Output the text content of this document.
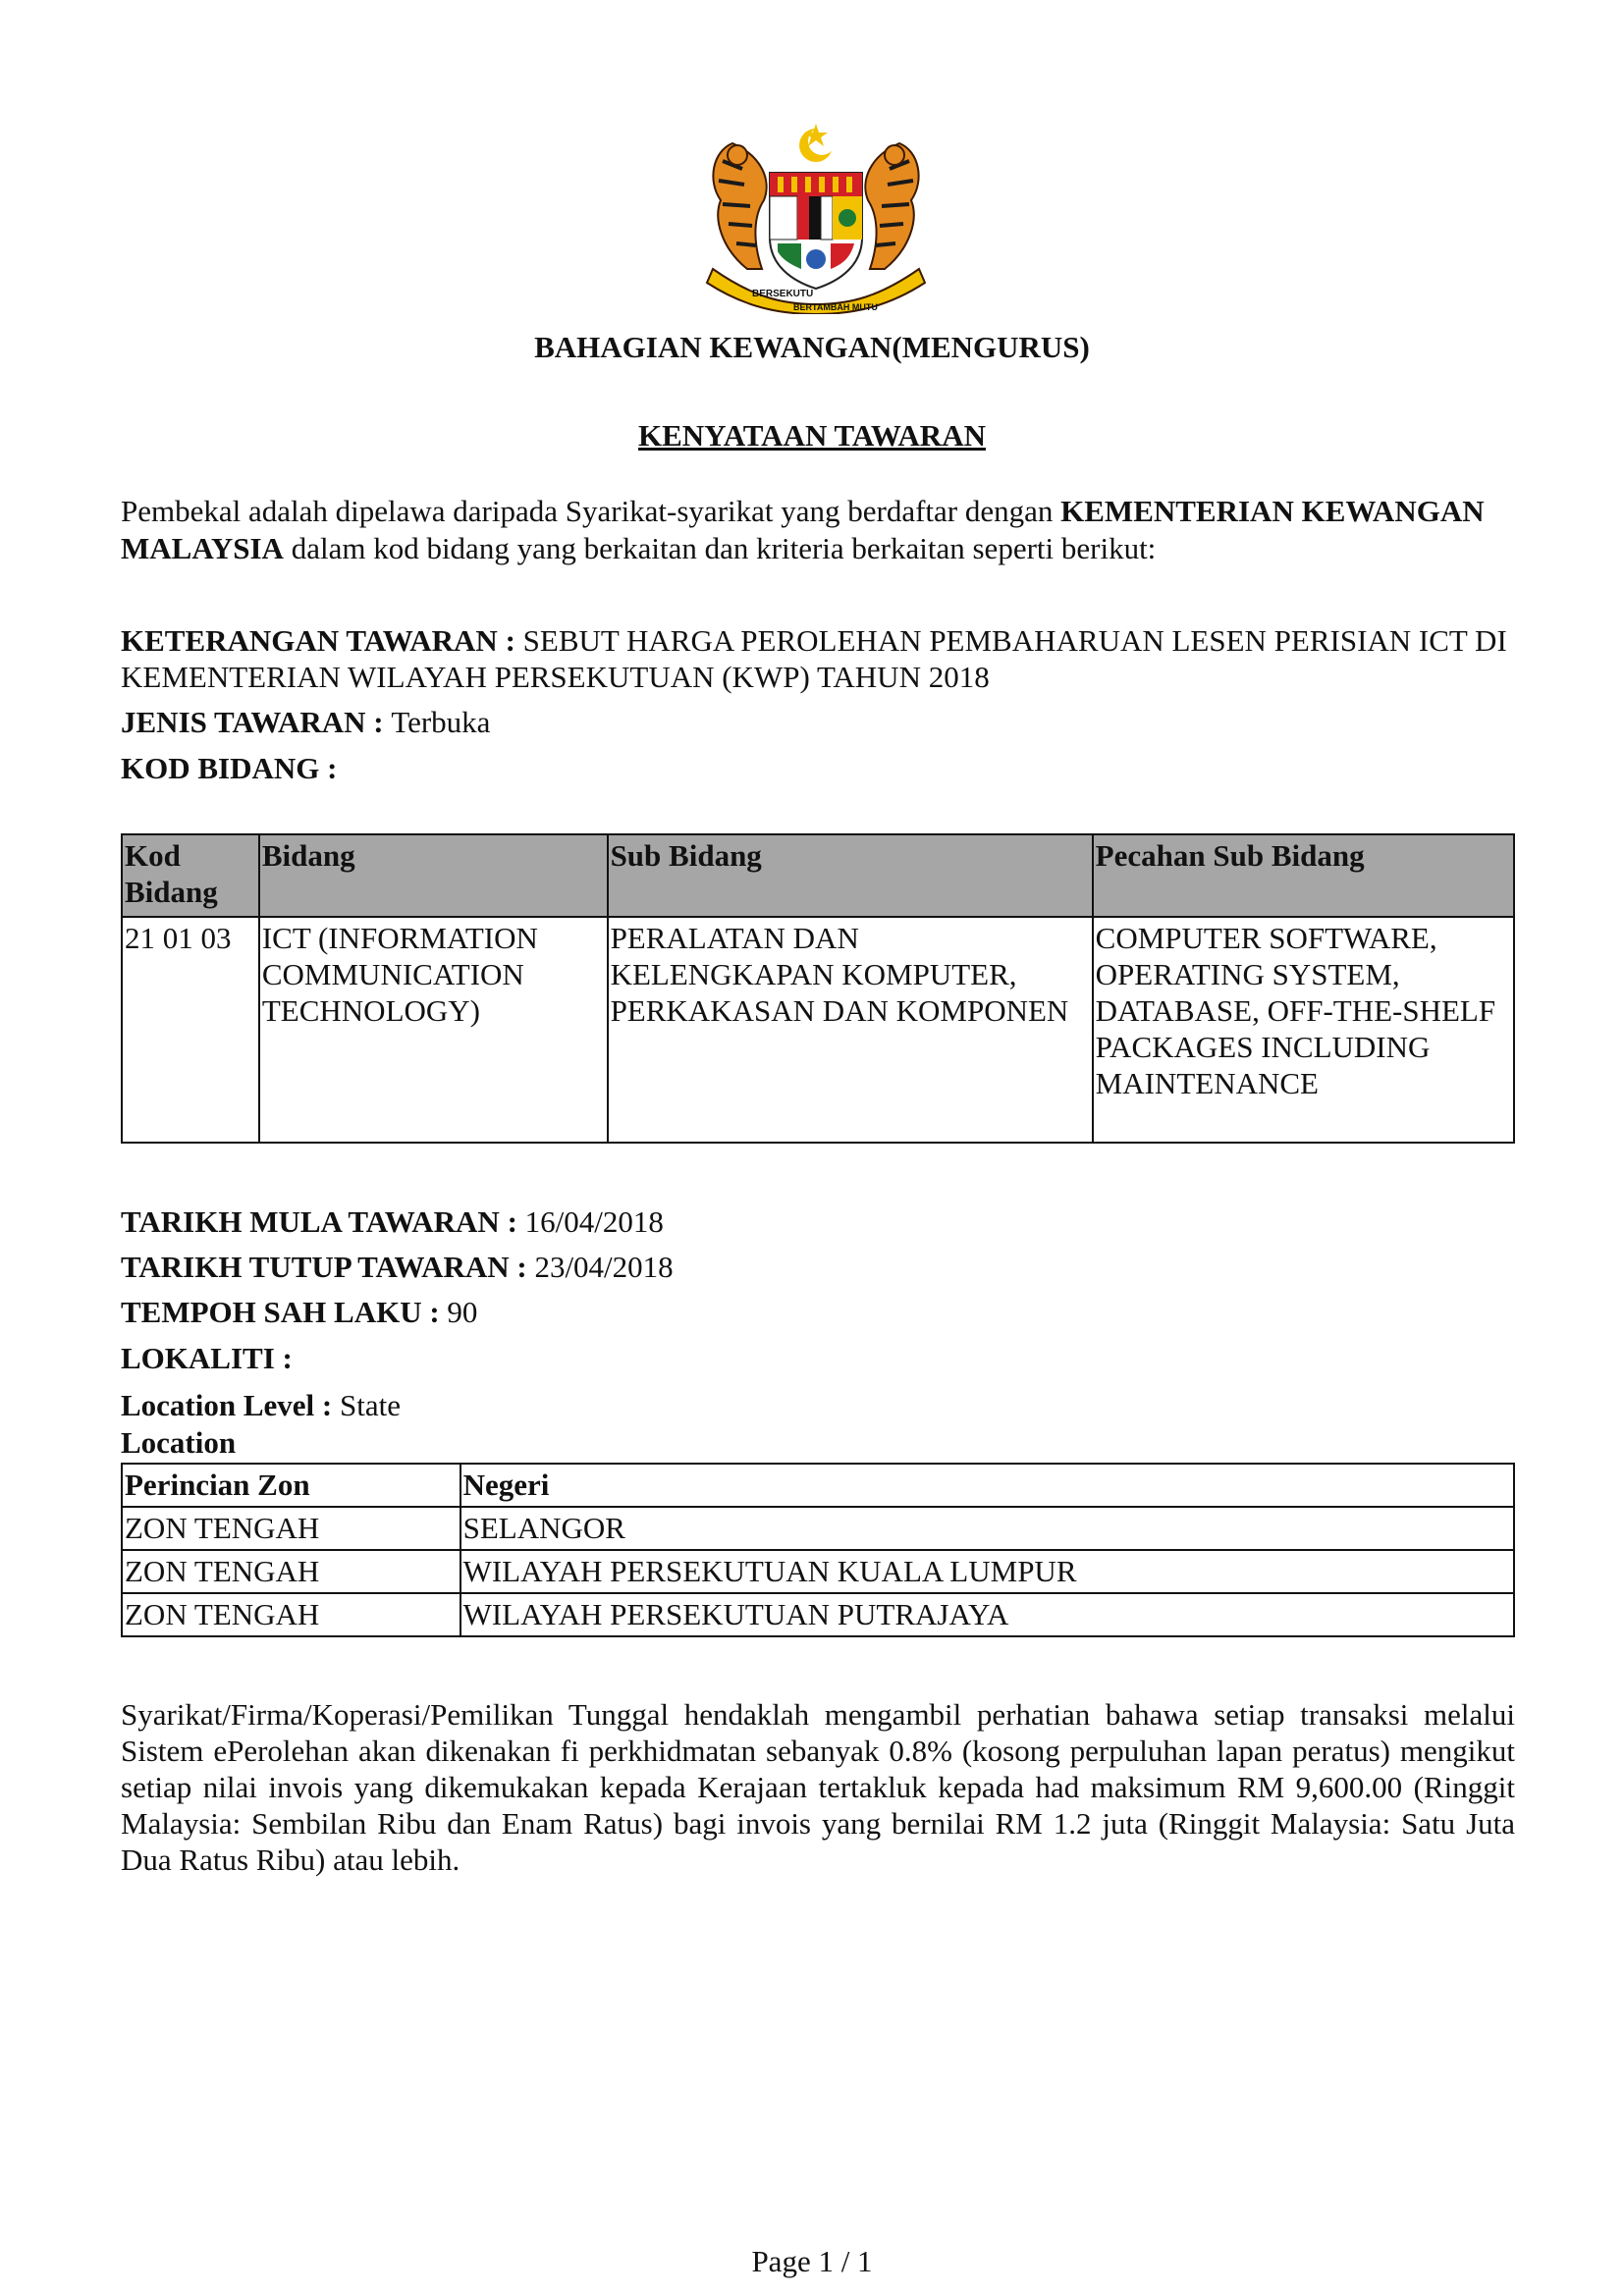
BERSEKUTU
BERTAMBAH MUTU
BAHAGIAN KEWANGAN(MENGURUS)
KENYATAAN TAWARAN
Pembekal adalah dipelawa daripada Syarikat-syarikat yang berdaftar dengan KEMENTERIAN KEWANGAN MALAYSIA dalam kod bidang yang berkaitan dan kriteria berkaitan seperti berikut:
KETERANGAN TAWARAN : SEBUT HARGA PEROLEHAN PEMBAHARUAN LESEN PERISIAN ICT DI KEMENTERIAN WILAYAH PERSEKUTUAN (KWP) TAHUN 2018
JENIS TAWARAN : Terbuka
KOD BIDANG :
Kod Bidang	Bidang	Sub Bidang	Pecahan Sub Bidang
21 01 03	ICT (INFORMATION COMMUNICATION TECHNOLOGY)	PERALATAN DAN KELENGKAPAN KOMPUTER, PERKAKASAN DAN KOMPONEN	COMPUTER SOFTWARE, OPERATING SYSTEM, DATABASE, OFF-THE-SHELF PACKAGES INCLUDING MAINTENANCE
TARIKH MULA TAWARAN : 16/04/2018
TARIKH TUTUP TAWARAN : 23/04/2018
TEMPOH SAH LAKU : 90
LOKALITI :
Location Level : State
Location
Perincian Zon	Negeri
ZON TENGAH	SELANGOR
ZON TENGAH	WILAYAH PERSEKUTUAN KUALA LUMPUR
ZON TENGAH	WILAYAH PERSEKUTUAN PUTRAJAYA
Syarikat/Firma/Koperasi/Pemilikan Tunggal hendaklah mengambil perhatian bahawa setiap transaksi melalui Sistem ePerolehan akan dikenakan fi perkhidmatan sebanyak 0.8% (kosong perpuluhan lapan peratus) mengikut setiap nilai invois yang dikemukakan kepada Kerajaan tertakluk kepada had maksimum RM 9,600.00 (Ringgit Malaysia: Sembilan Ribu dan Enam Ratus) bagi invois yang bernilai RM 1.2 juta (Ringgit Malaysia: Satu Juta Dua Ratus Ribu) atau lebih.
Page 1 / 1
